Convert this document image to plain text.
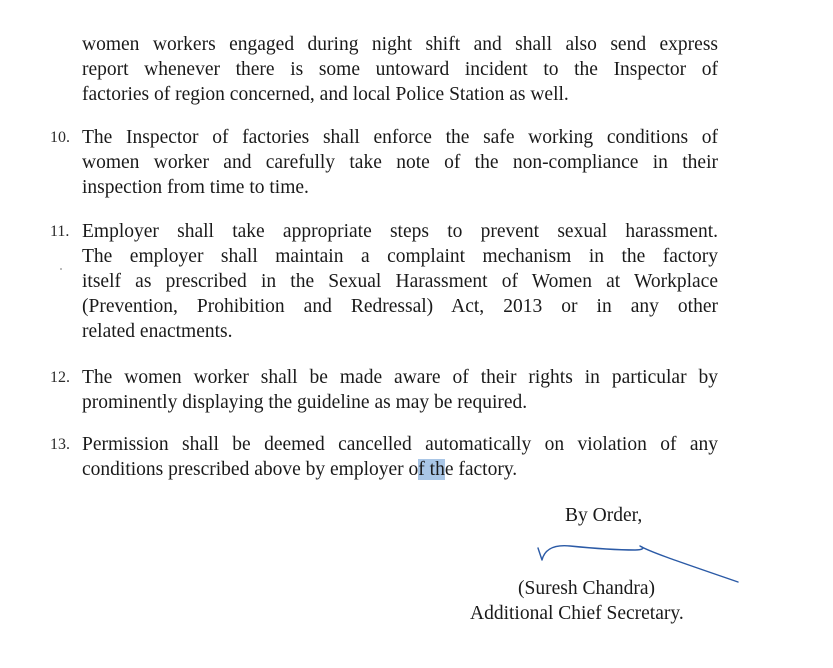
women workers engaged during night shift and shall also send express
report whenever there is some untoward incident to the Inspector of
factories of region concerned, and local Police Station as well.
10. The Inspector of factories shall enforce the safe working conditions of
women worker and carefully take note of the non-compliance in their
inspection from time to time.
11. Employer shall take appropriate steps to prevent sexual harassment.
The employer shall maintain a complaint mechanism in the factory
itself as prescribed in the Sexual Harassment of Women at Workplace
(Prevention, Prohibition and Redressal) Act, 2013 or in any other
related enactments.
12. The women worker shall be made aware of their rights in particular by
prominently displaying the guideline as may be required.
13. Permission shall be deemed cancelled automatically on violation of any
conditions prescribed above by employer of the factory.
By Order,
(Suresh Chandra)
Additional Chief Secretary.
